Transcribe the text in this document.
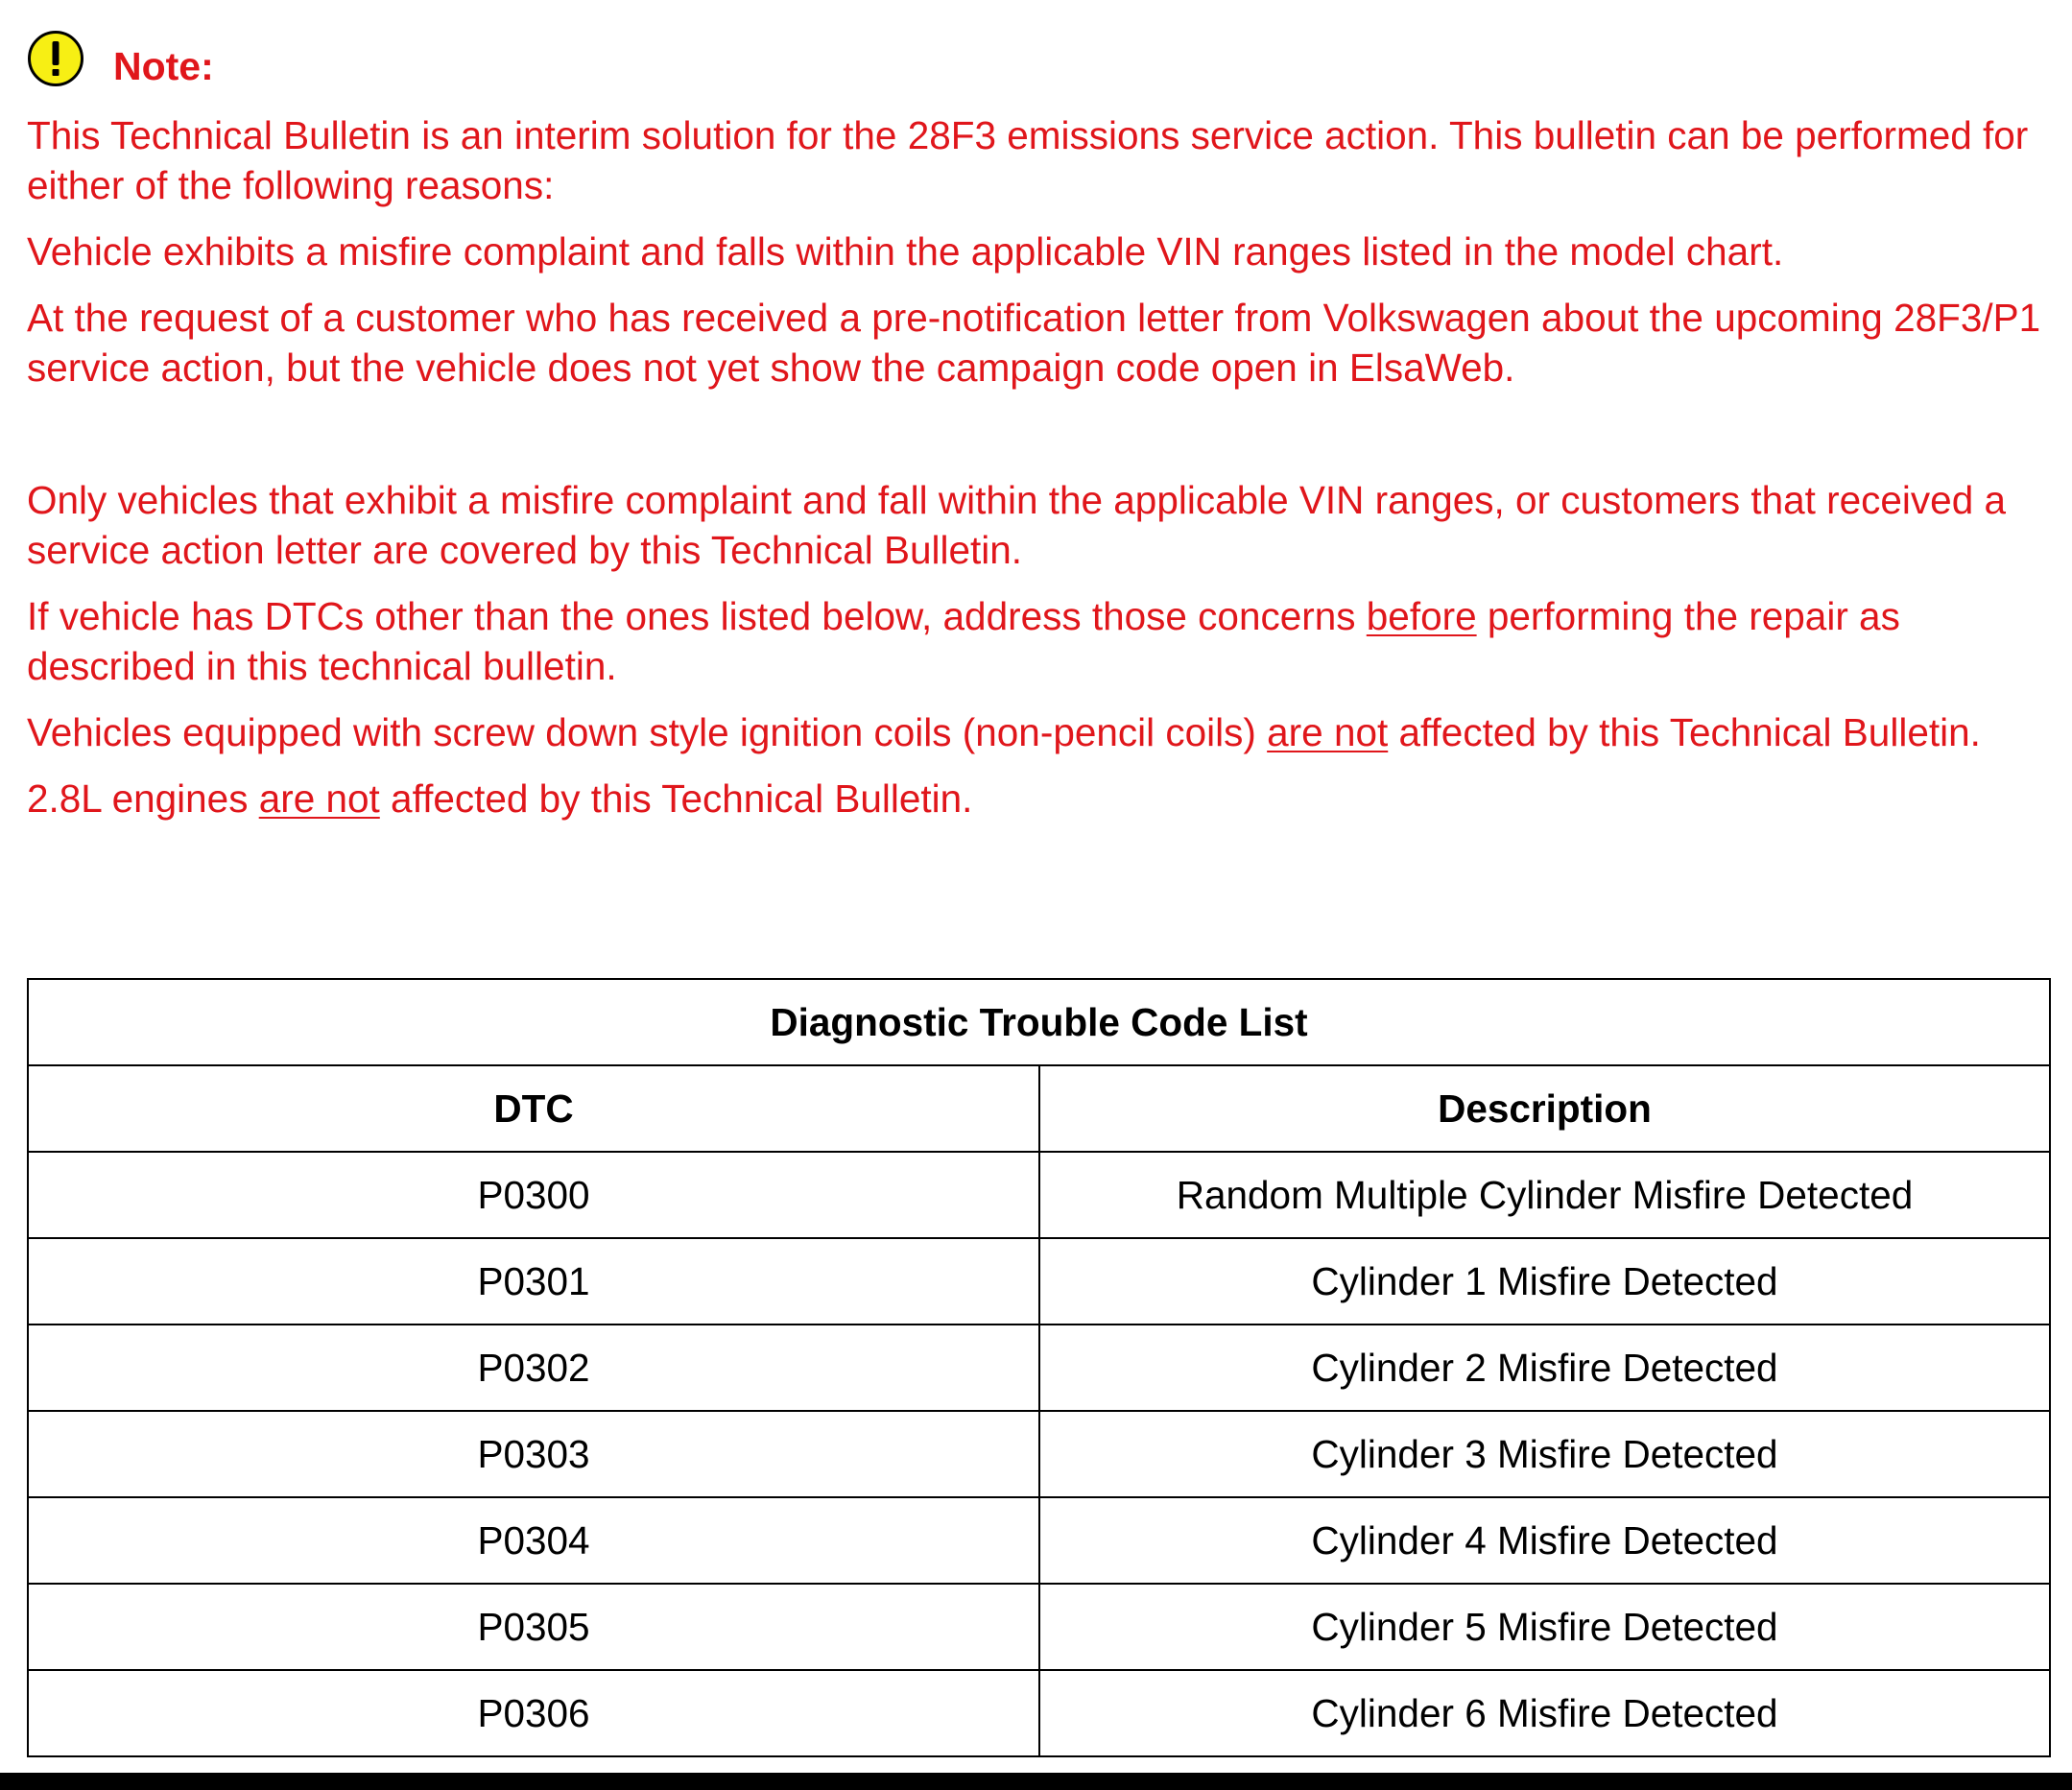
Note:

This Technical Bulletin is an interim solution for the 28F3 emissions service action. This bulletin can be performed for either of the following reasons:

Vehicle exhibits a misfire complaint and falls within the applicable VIN ranges listed in the model chart.

At the request of a customer who has received a pre-notification letter from Volkswagen about the upcoming 28F3/P1 service action, but the vehicle does not yet show the campaign code open in ElsaWeb.

Only vehicles that exhibit a misfire complaint and fall within the applicable VIN ranges, or customers that received a service action letter are covered by this Technical Bulletin.

If vehicle has DTCs other than the ones listed below, address those concerns before performing the repair as described in this technical bulletin.

Vehicles equipped with screw down style ignition coils (non-pencil coils) are not affected by this Technical Bulletin.

2.8L engines are not affected by this Technical Bulletin.

Diagnostic Trouble Code List	
DTC	Description
P0300	Random Multiple Cylinder Misfire Detected
P0301	Cylinder 1 Misfire Detected
P0302	Cylinder 2 Misfire Detected
P0303	Cylinder 3 Misfire Detected
P0304	Cylinder 4 Misfire Detected
P0305	Cylinder 5 Misfire Detected
P0306	Cylinder 6 Misfire Detected
